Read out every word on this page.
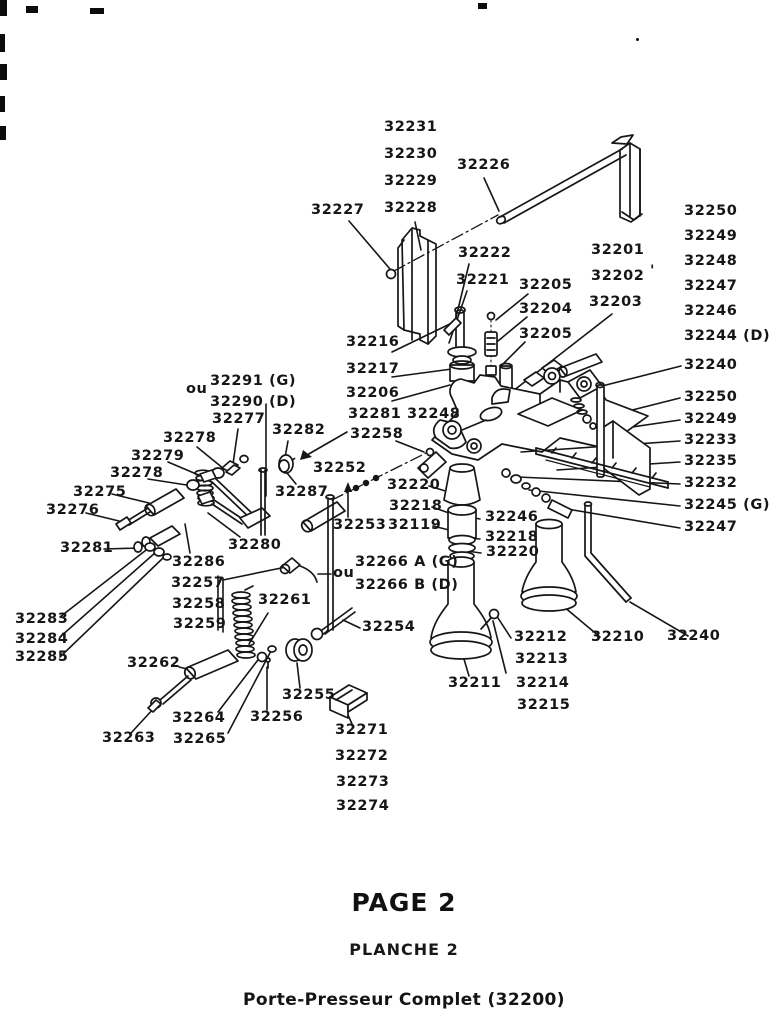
32231
32230
32229
32228
32227
32226
32222
32221 32205
32204
32205
32201
32202 '
32203
32250
32249
32248
32247
32246
32244 (D)
32240
32250
32249
32233
32235
32232
32245 (G)
32247
32216
32217
32206
32281
32258
32248
ou 32291 (G)
32290 (D)
32277
32282
32278
32279
32278	32252
32287
32275
32276
32281
32286
32280
32220
32218
32253 32119	32246
32218
32220
32283
32284
32285
32257
32258
32259
32261
ou
32266 A (G)
32266 B (D)
32254
32262
32263
32264
32265
32255
32256
32271
32272
32273
32274
32211
32212
32213
32214
32215
32210 32240
PAGE 2
PLANCHE 2
Porte-Presseur Complet (32200)
